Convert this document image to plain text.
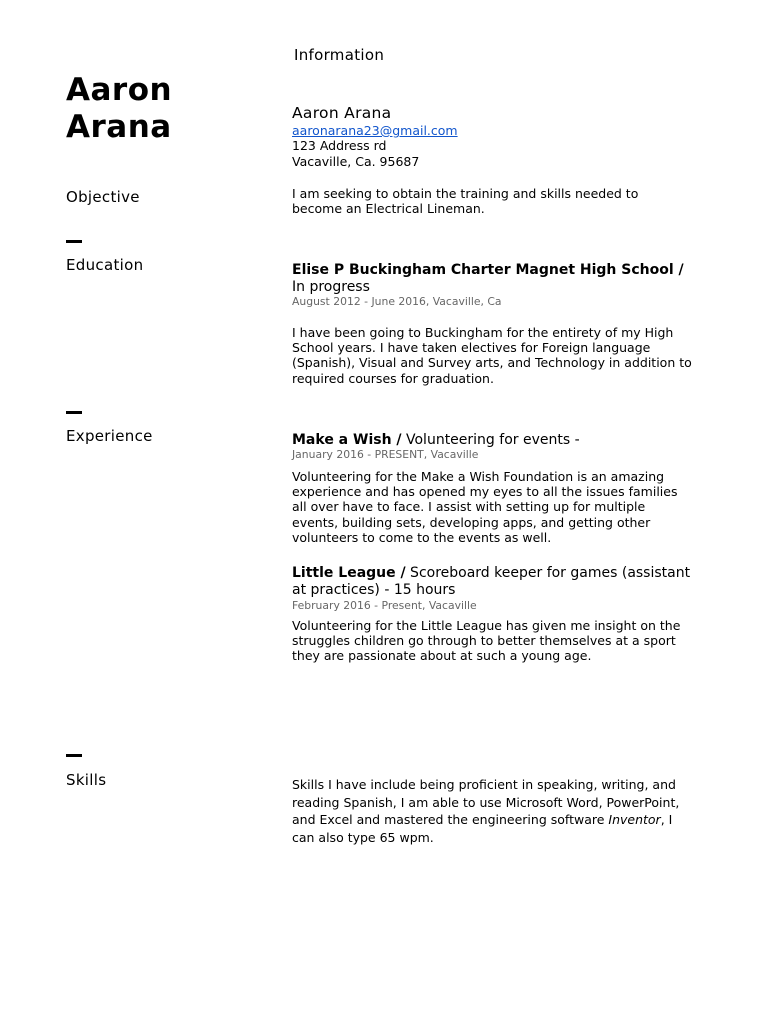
Information
Aaron
Arana	Aaron Arana
aaronarana23@gmail.com
123 Address rd
Vacaville, Ca. 95687
Objective	I am seeking to obtain the training and skills needed to become an Electrical Lineman.
Education	Elise P Buckingham Charter Magnet High School / In progress
August 2012 - June 2016, Vacaville, Ca
I have been going to Buckingham for the entirety of my High School years. I have taken electives for Foreign language (Spanish), Visual and Survey arts, and Technology in addition to required courses for graduation.
Experience	Make a Wish / Volunteering for events -
January 2016 - PRESENT, Vacaville
Volunteering for the Make a Wish Foundation is an amazing experience and has opened my eyes to all the issues families all over have to face. I assist with setting up for multiple events, building sets, developing apps, and getting other volunteers to come to the events as well.
Little League / Scoreboard keeper for games (assistant at practices) - 15 hours
February 2016 - Present, Vacaville
Volunteering for the Little League has given me insight on the struggles children go through to better themselves at a sport they are passionate about at such a young age.
Skills	Skills I have include being proficient in speaking, writing, and reading Spanish, I am able to use Microsoft Word, PowerPoint, and Excel and mastered the engineering software Inventor, I can also type 65 wpm.
